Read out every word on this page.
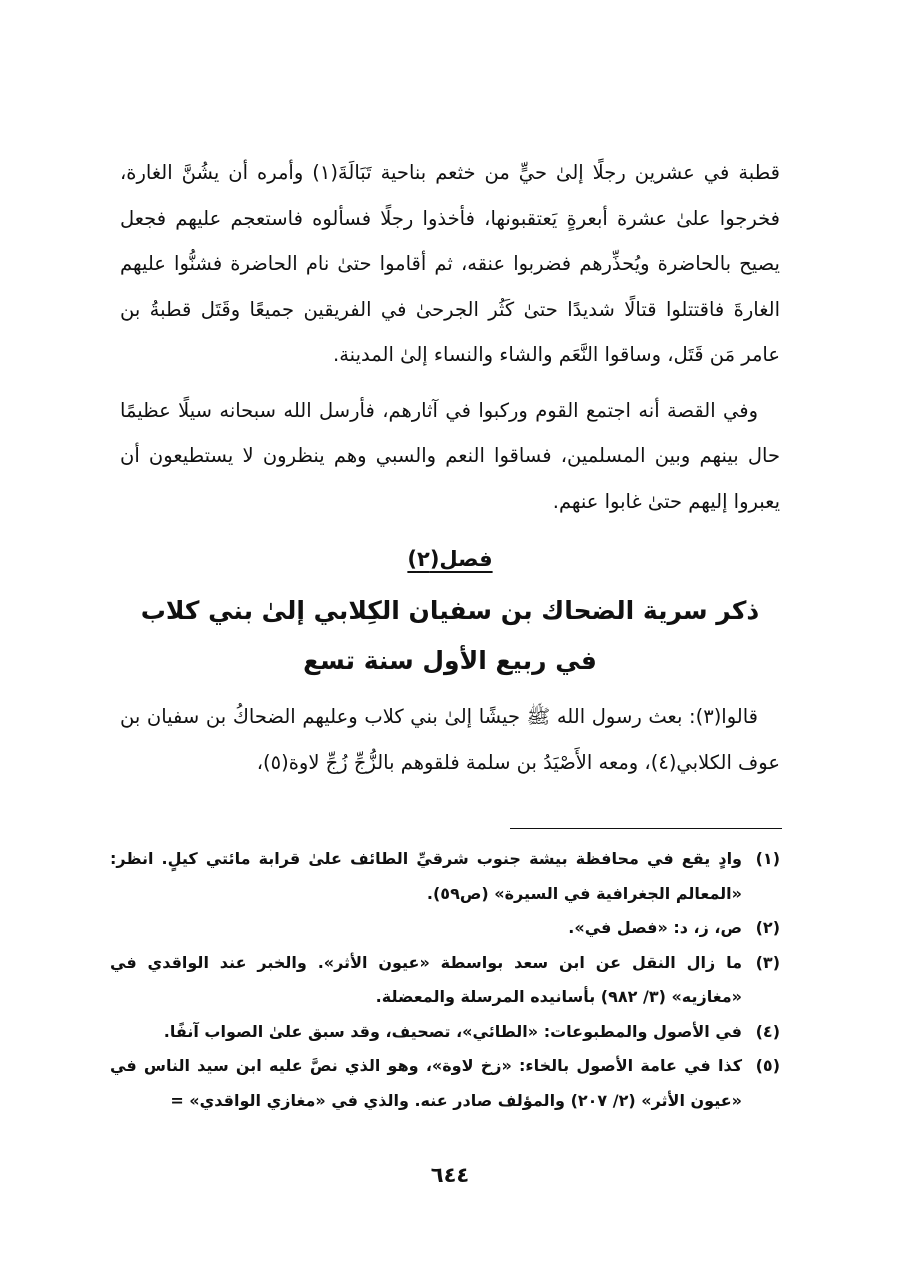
قطبة في عشرين رجلًا إلىٰ حيٍّ من خثعم بناحية تَبَالَةَ(١) وأمره أن يشُنَّ الغارة، فخرجوا علىٰ عشرة أبعرةٍ يَعتقبونها، فأخذوا رجلًا فسألوه فاستعجم عليهم فجعل يصيح بالحاضرة ويُحذِّرهم فضربوا عنقه، ثم أقاموا حتىٰ نام الحاضرة فشنُّوا عليهم الغارةَ فاقتتلوا قتالًا شديدًا حتىٰ كَثُر الجرحىٰ في الفريقين جميعًا وقَتَل قطبةُ بن عامر مَن قَتَل، وساقوا النَّعَم والشاء والنساء إلىٰ المدينة.

وفي القصة أنه اجتمع القوم وركبوا في آثارهم، فأرسل الله سبحانه سيلًا عظيمًا حال بينهم وبين المسلمين، فساقوا النعم والسبي وهم ينظرون لا يستطيعون أن يعبروا إليهم حتىٰ غابوا عنهم.

فصل(٢)
ذكر سرية الضحاك بن سفيان الكِلابي إلىٰ بني كلاب
في ربيع الأول سنة تسع

قالوا(٣): بعث رسول الله ﷺ جيشًا إلىٰ بني كلاب وعليهم الضحاكُ بن سفيان بن عوف الكلابي(٤)، ومعه الأَصْيَدُ بن سلمة فلقوهم بالزُّجِّ زُجِّ لاوة(٥)،

(١)
وادٍ يقع في محافظة بيشة جنوب شرقيِّ الطائف علىٰ قرابة مائتي كيلٍ. انظر: «المعالم الجغرافية في السيرة» (ص٥٩).
(٢)
ص، ز، د: «فصل في».
(٣)
ما زال النقل عن ابن سعد بواسطة «عيون الأثر». والخبر عند الواقدي في «مغازيه» (٣/ ٩٨٢) بأسانيده المرسلة والمعضلة.
(٤)
في الأصول والمطبوعات: «الطائي»، تصحيف، وقد سبق علىٰ الصواب آنفًا.
(٥)
كذا في عامة الأصول بالخاء: «زخ لاوة»، وهو الذي نصَّ عليه ابن سيد الناس في «عيون الأثر» (٢/ ٢٠٧) والمؤلف صادر عنه. والذي في «مغازي الواقدي» =
٦٤٤
